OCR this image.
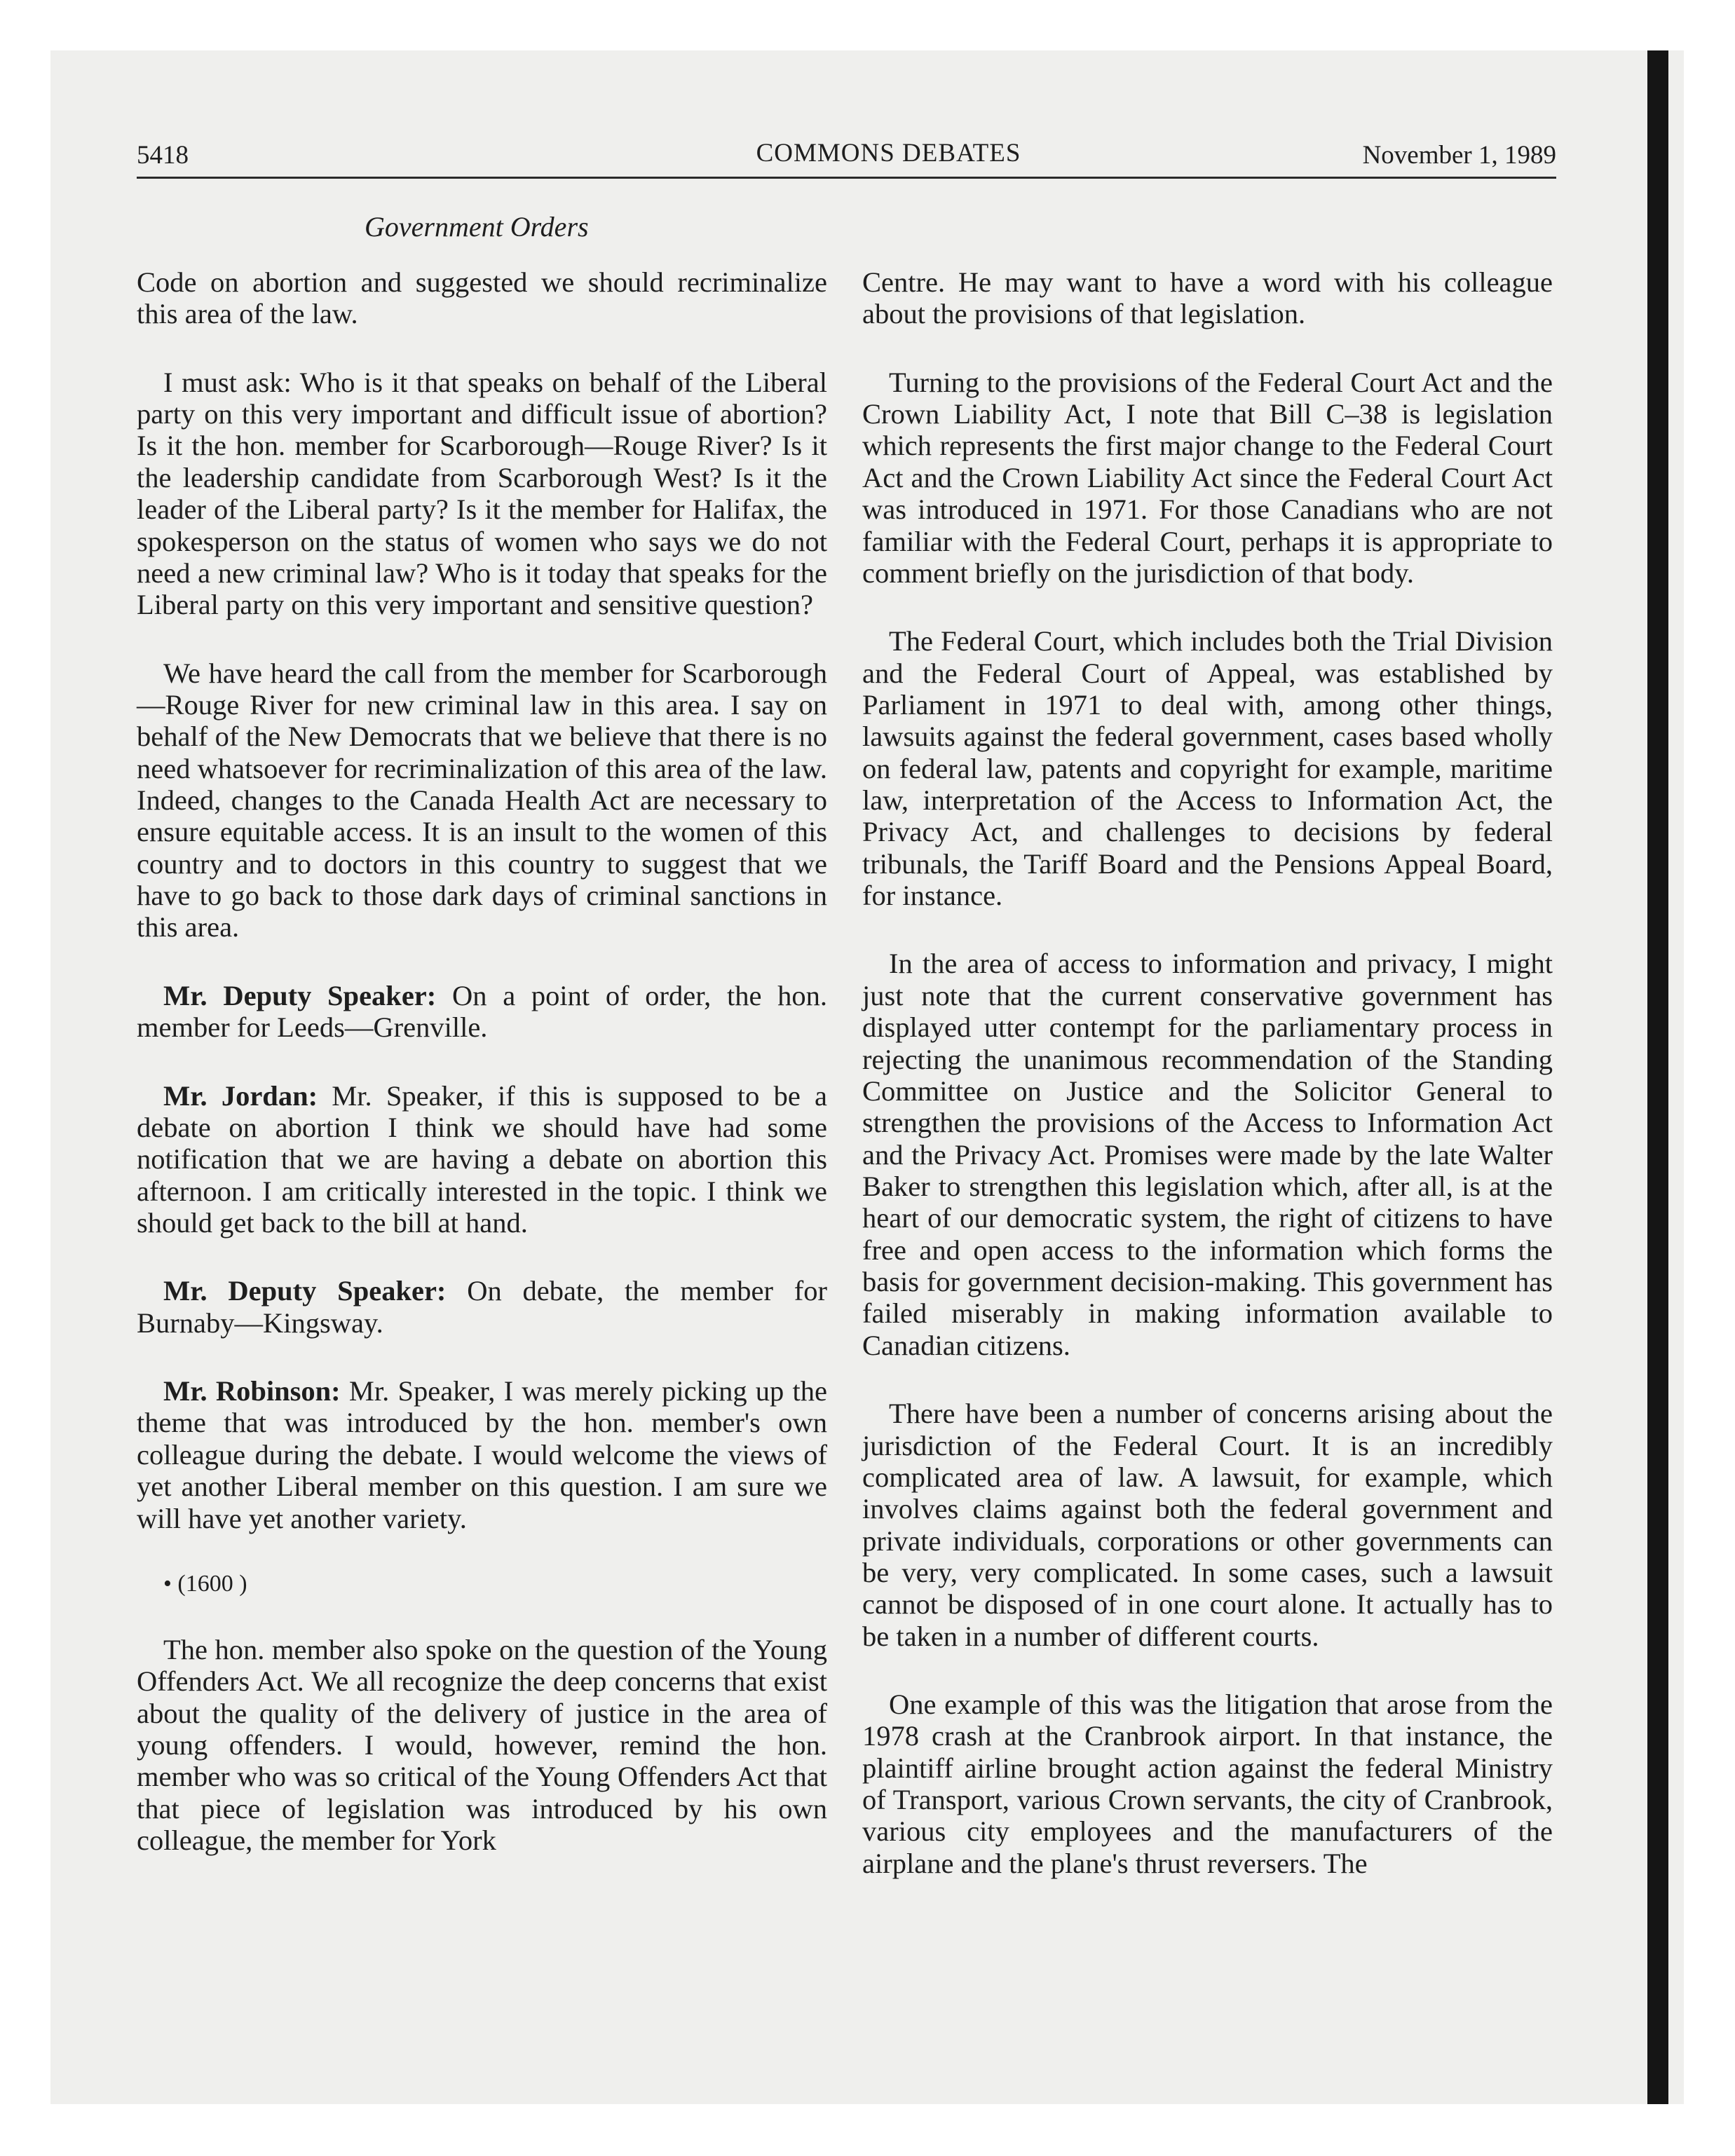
5418	COMMONS DEBATES	November 1, 1989
Government Orders

Code on abortion and suggested we should recriminalize this area of the law.

I must ask: Who is it that speaks on behalf of the Liberal party on this very important and difficult issue of abortion? Is it the hon. member for Scarborough—Rouge River? Is it the leadership candidate from Scarborough West? Is it the leader of the Liberal party? Is it the member for Halifax, the spokesperson on the status of women who says we do not need a new criminal law? Who is it today that speaks for the Liberal party on this very important and sensitive question?

We have heard the call from the member for Scarborough—Rouge River for new criminal law in this area. I say on behalf of the New Democrats that we believe that there is no need whatsoever for recriminalization of this area of the law. Indeed, changes to the Canada Health Act are necessary to ensure equitable access. It is an insult to the women of this country and to doctors in this country to suggest that we have to go back to those dark days of criminal sanctions in this area.

Mr. Deputy Speaker: On a point of order, the hon. member for Leeds—Grenville.

Mr. Jordan: Mr. Speaker, if this is supposed to be a debate on abortion I think we should have had some notification that we are having a debate on abortion this afternoon. I am critically interested in the topic. I think we should get back to the bill at hand.

Mr. Deputy Speaker: On debate, the member for Burnaby—Kingsway.

Mr. Robinson: Mr. Speaker, I was merely picking up the theme that was introduced by the hon. member's own colleague during the debate. I would welcome the views of yet another Liberal member on this question. I am sure we will have yet another variety.

• (1600 )

The hon. member also spoke on the question of the Young Offenders Act. We all recognize the deep concerns that exist about the quality of the delivery of justice in the area of young offenders. I would, however, remind the hon. member who was so critical of the Young Offenders Act that that piece of legislation was introduced by his own colleague, the member for York

Centre. He may want to have a word with his colleague about the provisions of that legislation.

Turning to the provisions of the Federal Court Act and the Crown Liability Act, I note that Bill C–38 is legislation which represents the first major change to the Federal Court Act and the Crown Liability Act since the Federal Court Act was introduced in 1971. For those Canadians who are not familiar with the Federal Court, perhaps it is appropriate to comment briefly on the jurisdiction of that body.

The Federal Court, which includes both the Trial Division and the Federal Court of Appeal, was established by Parliament in 1971 to deal with, among other things, lawsuits against the federal government, cases based wholly on federal law, patents and copyright for example, maritime law, interpretation of the Access to Information Act, the Privacy Act, and challenges to decisions by federal tribunals, the Tariff Board and the Pensions Appeal Board, for instance.

In the area of access to information and privacy, I might just note that the current conservative government has displayed utter contempt for the parliamentary process in rejecting the unanimous recommendation of the Standing Committee on Justice and the Solicitor General to strengthen the provisions of the Access to Information Act and the Privacy Act. Promises were made by the late Walter Baker to strengthen this legislation which, after all, is at the heart of our democratic system, the right of citizens to have free and open access to the information which forms the basis for government decision-making. This government has failed miserably in making information available to Canadian citizens.

There have been a number of concerns arising about the jurisdiction of the Federal Court. It is an incredibly complicated area of law. A lawsuit, for example, which involves claims against both the federal government and private individuals, corporations or other governments can be very, very complicated. In some cases, such a lawsuit cannot be disposed of in one court alone. It actually has to be taken in a number of different courts.

One example of this was the litigation that arose from the 1978 crash at the Cranbrook airport. In that instance, the plaintiff airline brought action against the federal Ministry of Transport, various Crown servants, the city of Cranbrook, various city employees and the manufacturers of the airplane and the plane's thrust reversers. The
